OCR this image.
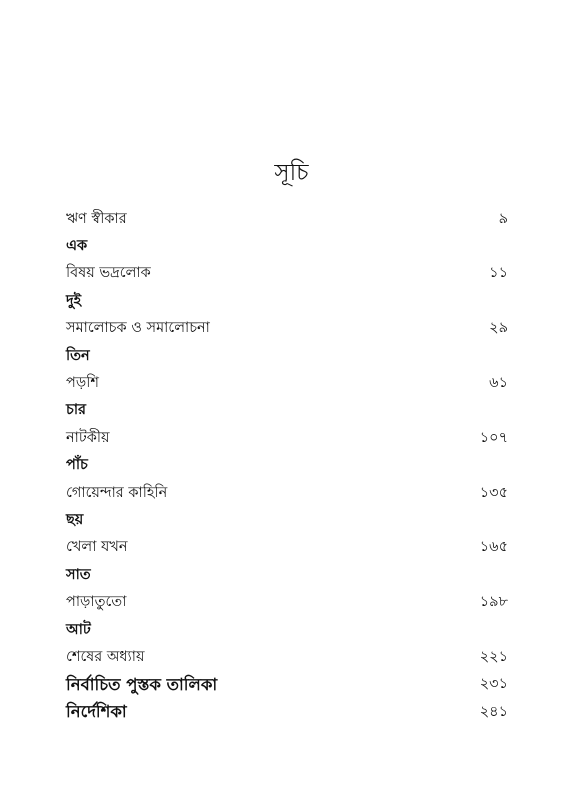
সূচি
ঋণ স্বীকার	৯
এক
বিষয় ভদ্রলোক	১১
দুই
সমালোচক ও সমালোচনা	২৯
তিন
পড়শি	৬১
চার
নাটকীয়	১০৭
পাঁচ
গোয়েন্দার কাহিনি	১৩৫
ছয়
খেলা যখন	১৬৫
সাত
পাড়াতুতো	১৯৮
আট
শেষের অধ্যায়	২২১
নির্বাচিত পুস্তক তালিকা	২৩১
নির্দেশিকা	২৪১
